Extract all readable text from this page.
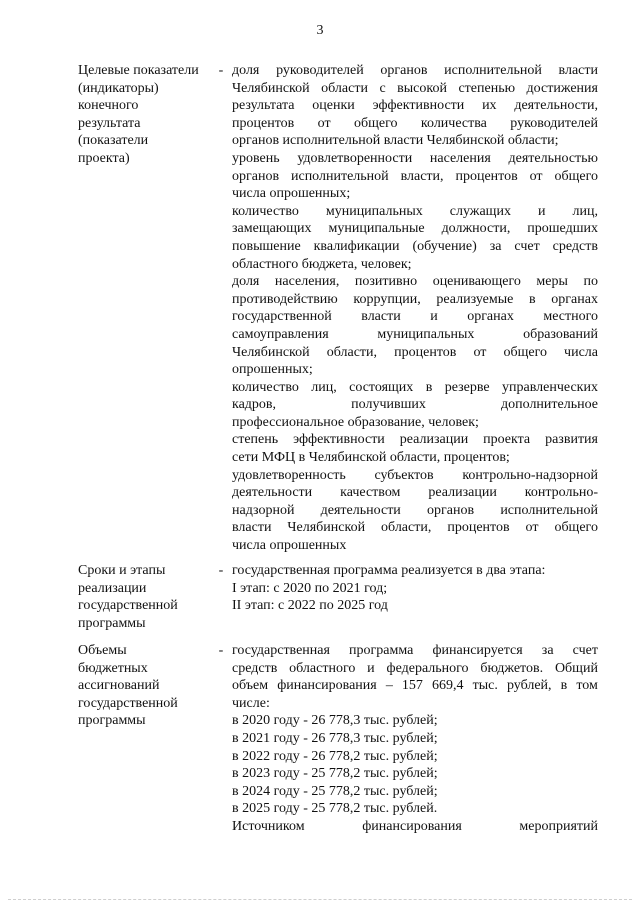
3
Целевые показатели
(индикаторы)
конечного
результата
(показатели
проекта)
- доля руководителей органов исполнительной власти
Челябинской области с высокой степенью достижения
результата оценки эффективности их деятельности,
процентов от общего количества руководителей
органов исполнительной власти Челябинской области;
уровень удовлетворенности населения деятельностью
органов исполнительной власти, процентов от общего
числа опрошенных;
количество муниципальных служащих и лиц,
замещающих муниципальные должности, прошедших
повышение квалификации (обучение) за счет средств
областного бюджета, человек;
доля населения, позитивно оценивающего меры по
противодействию коррупции, реализуемые в органах
государственной власти и органах местного
самоуправления	муниципальных	образований
Челябинской области, процентов от общего числа
опрошенных;
количество лиц, состоящих в резерве управленческих
кадров,	получивших	дополнительное
профессиональное образование, человек;
степень эффективности реализации проекта развития
сети МФЦ в Челябинской области, процентов;
удовлетворенность субъектов контрольно-надзорной
деятельности качеством реализации контрольно-
надзорной деятельности органов исполнительной
власти Челябинской области, процентов от общего
числа опрошенных
Сроки и этапы
реализации
государственной
программы
- государственная программа реализуется в два этапа:
I этап: с 2020 по 2021 год;
II этап: с 2022 по 2025 год
Объемы
бюджетных
ассигнований
государственной
программы
- государственная программа финансируется за счет
средств областного и федерального бюджетов. Общий
объем финансирования – 157 669,4 тыс. рублей, в том
числе:
в 2020 году - 26 778,3 тыс. рублей;
в 2021 году - 26 778,3 тыс. рублей;
в 2022 году - 26 778,2 тыс. рублей;
в 2023 году - 25 778,2 тыс. рублей;
в 2024 году - 25 778,2 тыс. рублей;
в 2025 году - 25 778,2 тыс. рублей.
Источником	финансирования	мероприятий
